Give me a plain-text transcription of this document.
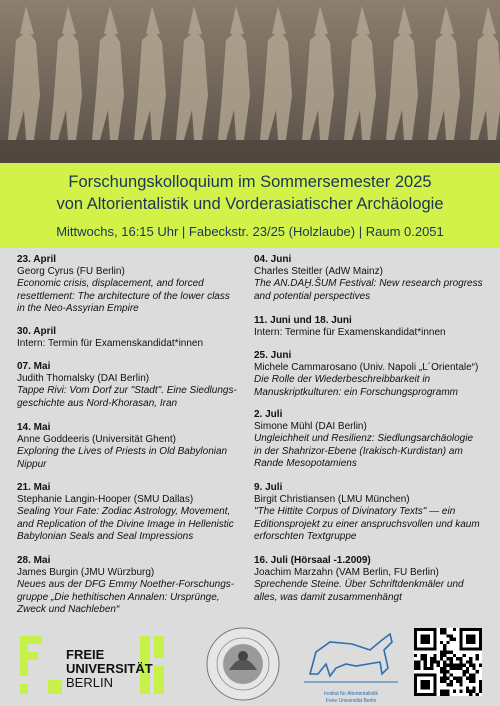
Forschungskolloquium im Sommersemester 2025
von Altorientalistik und Vorderasiatischer Archäologie
Mittwochs, 16:15 Uhr | Fabeckstr. 23/25 (Holzlaube) | Raum 0.2051
23. April
Georg Cyrus (FU Berlin)
Economic crisis, displacement, and forced
resettlement: The architecture of the lower class
in the Neo-Assyrian Empire
30. April
Intern: Termin für Examenskandidat*innen
07. Mai
Judith Thomalsky (DAI Berlin)
Tappe Rivi: Vom Dorf zur "Stadt". Eine Siedlungs-
geschichte aus Nord-Khorasan, Iran
14. Mai
Anne Goddeeris (Universität Ghent)
Exploring the Lives of Priests in Old Babylonian
Nippur
21. Mai
Stephanie Langin-Hooper (SMU Dallas)
Sealing Your Fate: Zodiac Astrology, Movement,
and Replication of the Divine Image in Hellenistic
Babylonian Seals and Seal Impressions
28. Mai
James Burgin (JMU Würzburg)
Neues aus der DFG Emmy Noether-Forschungs-
gruppe „Die hethitischen Annalen: Ursprünge,
Zweck und Nachleben“
04. Juni
Charles Steitler (AdW Mainz)
The AN.DAḪ.ŠUM Festival: New research progress
and potential perspectives
11. Juni und 18. Juni
Intern: Termine für Examenskandidat*innen
25. Juni
Michele Cammarosano (Univ. Napoli „L´Orientale“)
Die Rolle der Wiederbeschreibbarkeit in
Manuskriptkulturen: ein Forschungsprogramm
2. Juli
Simone Mühl (DAI Berlin)
Ungleichheit und Resilienz: Siedlungsarchäologie
in der Shahrizor-Ebene (Irakisch-Kurdistan) am
Rande Mesopotamiens
9. Juli
Birgit Christiansen (LMU München)
"The Hittite Corpus of Divinatory Texts" — ein
Editionsprojekt zu einer anspruchsvollen und kaum
erforschten Textgruppe
16. Juli (Hörsaal -1.2009)
Joachim Marzahn (VAM Berlin, FU Berlin)
Sprechende Steine. Über Schriftdenkmäler und
alles, was damit zusammenhängt
FREIE
UNIVERSITÄT
BERLIN
Institut für Altorientalistik
Freie Universität Berlin
